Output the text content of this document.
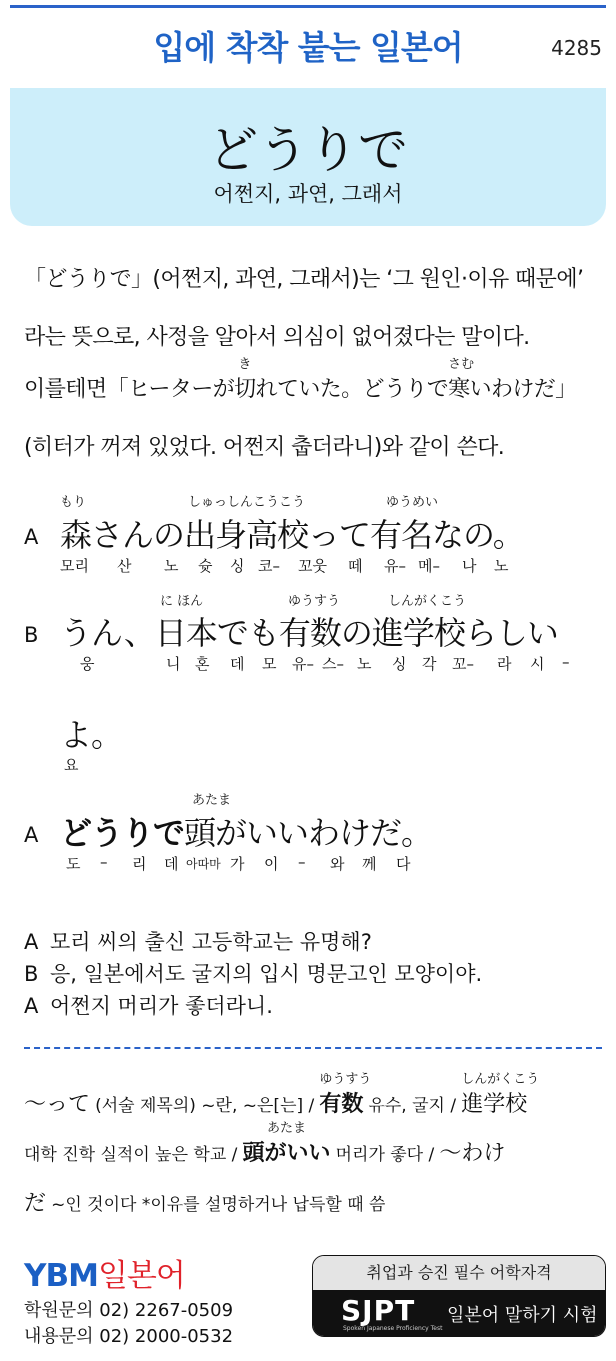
입에 착착 붙는 일본어	4285
どうりで
어쩐지, 과연, 그래서
「どうりで」(어쩐지, 과연, 그래서)는 ‘그 원인·이유 때문에’
라는 뜻으로, 사정을 알아서 의심이 없어졌다는 말이다.
이를테면「ヒーターが
き
切れていた。どうりで
さむ
寒いわけだ」
(히터가 꺼져 있었다. 어쩐지 춥더라니)와 같이 쓴다.
A
もり	しゅっしんこうこう	ゆうめい
森さんの出身高校って有名なの。
모리 산 노 슛 싱 코– 꼬웃 떼 유– 메– 나 노
B
に ほん	ゆうすう	しんがくこう
うん、日本でも有数の進学校らしい
웅	니 혼 데 모 유– 스– 노 싱 각 꼬– 라 시 –
よ。
요
A
あたま
どうりで頭がいいわけだ。
도 – 리 데 아따마 가 이 – 와 께 다
A 모리 씨의 출신 고등학교는 유명해?
B 응, 일본에서도 굴지의 입시 명문고인 모양이야.
A 어쩐지 머리가 좋더라니.
〜って (서술 제목의) ~란, ~은[는] /
ゆうすう
有数 유수, 굴지 /
しんがくこう
進学校
대학 진학 실적이 높은 학교 /
あたま
頭がいい 머리가 좋다 / 〜わけ
だ ~인 것이다 *이유를 설명하거나 납득할 때 씀
YBM일본어
학원문의 02) 2267-0509
내용문의 02) 2000-0532
취업과 승진 필수 어학자격
SJPT
Spoken Japanese Proficiency Test
일본어 말하기 시험
